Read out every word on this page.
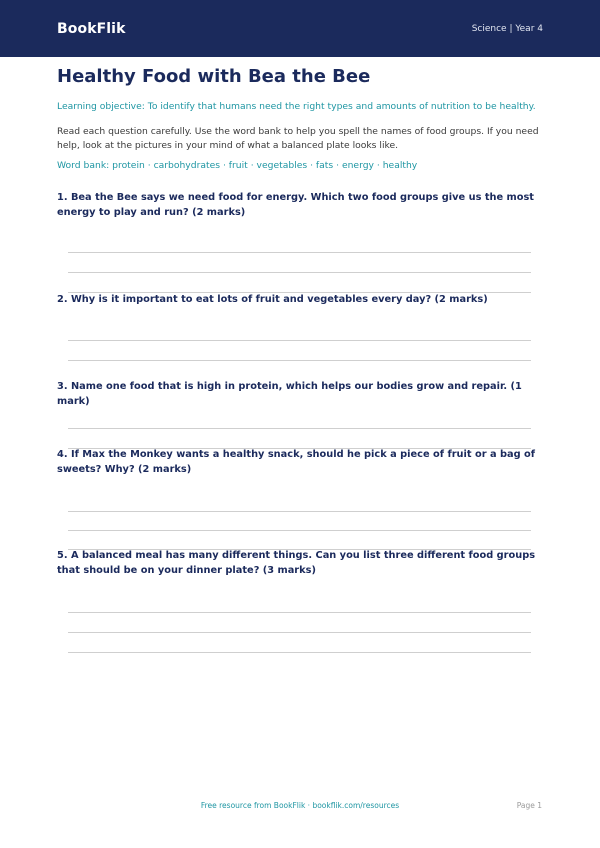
BookFlik	Science | Year 4
Healthy Food with Bea the Bee
Learning objective: To identify that humans need the right types and amounts of nutrition to be healthy.
Read each question carefully. Use the word bank to help you spell the names of food groups. If you need help, look at the pictures in your mind of what a balanced plate looks like.
Word bank: protein · carbohydrates · fruit · vegetables · fats · energy · healthy
1. Bea the Bee says we need food for energy. Which two food groups give us the most energy to play and run? (2 marks)
2. Why is it important to eat lots of fruit and vegetables every day? (2 marks)
3. Name one food that is high in protein, which helps our bodies grow and repair. (1 mark)
4. If Max the Monkey wants a healthy snack, should he pick a piece of fruit or a bag of sweets? Why? (2 marks)
5. A balanced meal has many different things. Can you list three different food groups that should be on your dinner plate? (3 marks)
Free resource from BookFlik · bookflik.com/resources	Page 1
